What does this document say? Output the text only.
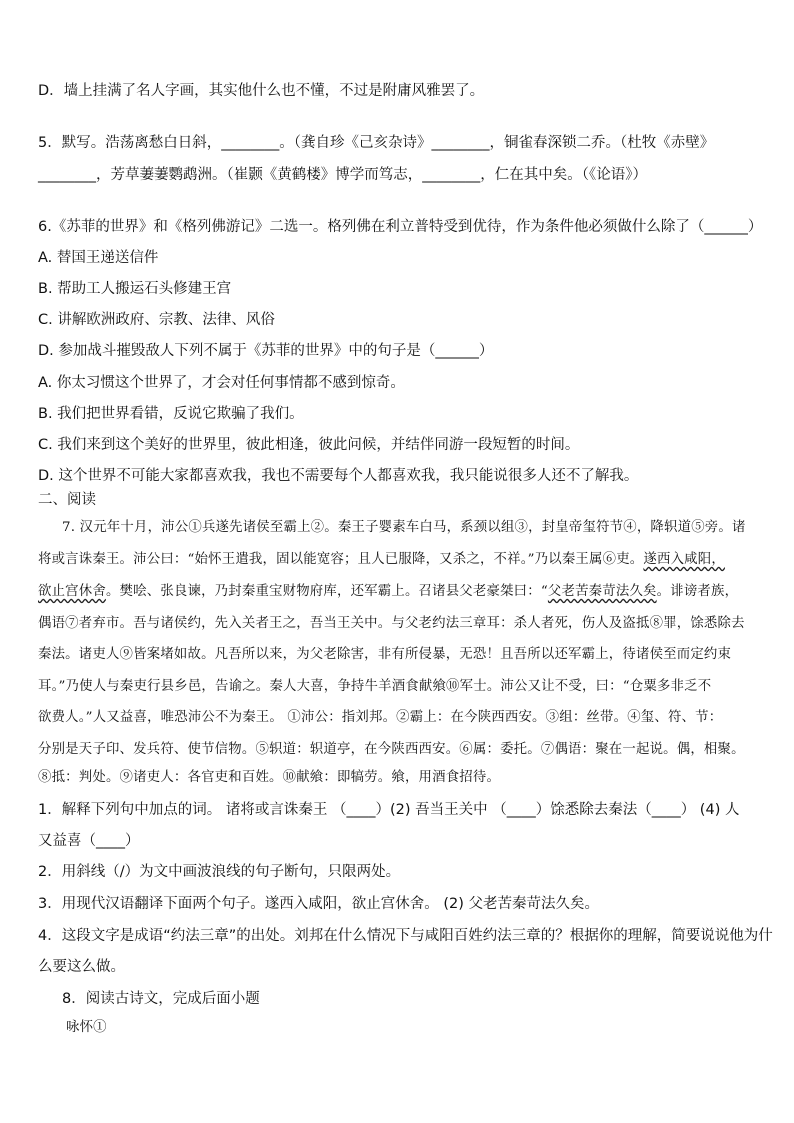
D．墙上挂满了名人字画，其实他什么也不懂，不过是附庸风雅罢了。
5．默写。浩荡离愁白日斜，________。（龚自珍《己亥杂诗》________，铜雀春深锁二乔。（杜牧《赤壁》
________，芳草萋萋鹦鹉洲。（崔颢《黄鹤楼》博学而笃志，________，仁在其中矣。（《论语》）
6.《苏菲的世界》和《格列佛游记》二选一。格列佛在利立普特受到优待，作为条件他必须做什么除了（______）
A. 替国王递送信件
B. 帮助工人搬运石头修建王宫
C. 讲解欧洲政府、宗教、法律、风俗
D. 参加战斗摧毁敌人下列不属于《苏菲的世界》中的句子是（______）
A. 你太习惯这个世界了，才会对任何事情都不感到惊奇。
B. 我们把世界看错，反说它欺骗了我们。
C. 我们来到这个美好的世界里，彼此相逢，彼此问候，并结伴同游一段短暂的时间。
D. 这个世界不可能大家都喜欢我，我也不需要每个人都喜欢我，我只能说很多人还不了解我。
二、阅读
7. 汉元年十月，沛公①兵遂先诸侯至霸上②。秦王子婴素车白马，系颈以组③，封皇帝玺符节④，降轵道⑤旁。诸
将或言诛秦王。沛公曰：“始怀王遣我，固以能宽容；且人已服降，又杀之，不祥。”乃以秦王属⑥吏。遂西入咸阳，
欲止宫休舍。樊哙、张良谏，乃封秦重宝财物府库，还军霸上。召诸县父老豪桀曰：“父老苦秦苛法久矣。诽谤者族，
偶语⑦者弃市。吾与诸侯约，先入关者王之，吾当王关中。与父老约法三章耳：杀人者死，伤人及盗抵⑧罪，馀悉除去
秦法。诸吏人⑨皆案堵如故。凡吾所以来，为父老除害，非有所侵暴，无恐！且吾所以还军霸上，待诸侯至而定约束
耳。”乃使人与秦吏行县乡邑，告谕之。秦人大喜，争持牛羊酒食献飨⑩军士。沛公又让不受，曰：“仓粟多非乏不
欲费人。”人又益喜，唯恐沛公不为秦王。 ①沛公：指刘邦。②霸上：在今陕西西安。③组：丝带。④玺、符、节：
分别是天子印、发兵符、使节信物。⑤轵道：轵道亭，在今陕西西安。⑥属：委托。⑦偶语：聚在一起说。偶，相聚。
⑧抵：判处。⑨诸吏人：各官吏和百姓。⑩献飨：即犒劳。飨，用酒食招待。
1．解释下列句中加点的词。 诸将或言诛秦王 （____）(2) 吾当王关中 （____）馀悉除去秦法（____） (4) 人
又益喜（____）
2．用斜线（/）为文中画波浪线的句子断句，只限两处。
3．用现代汉语翻译下面两个句子。遂西入咸阳，欲止宫休舍。 (2) 父老苦秦苛法久矣。
4．这段文字是成语“约法三章”的出处。刘邦在什么情况下与咸阳百姓约法三章的？根据你的理解，简要说说他为什
么要这么做。
8．阅读古诗文，完成后面小题
咏怀①
